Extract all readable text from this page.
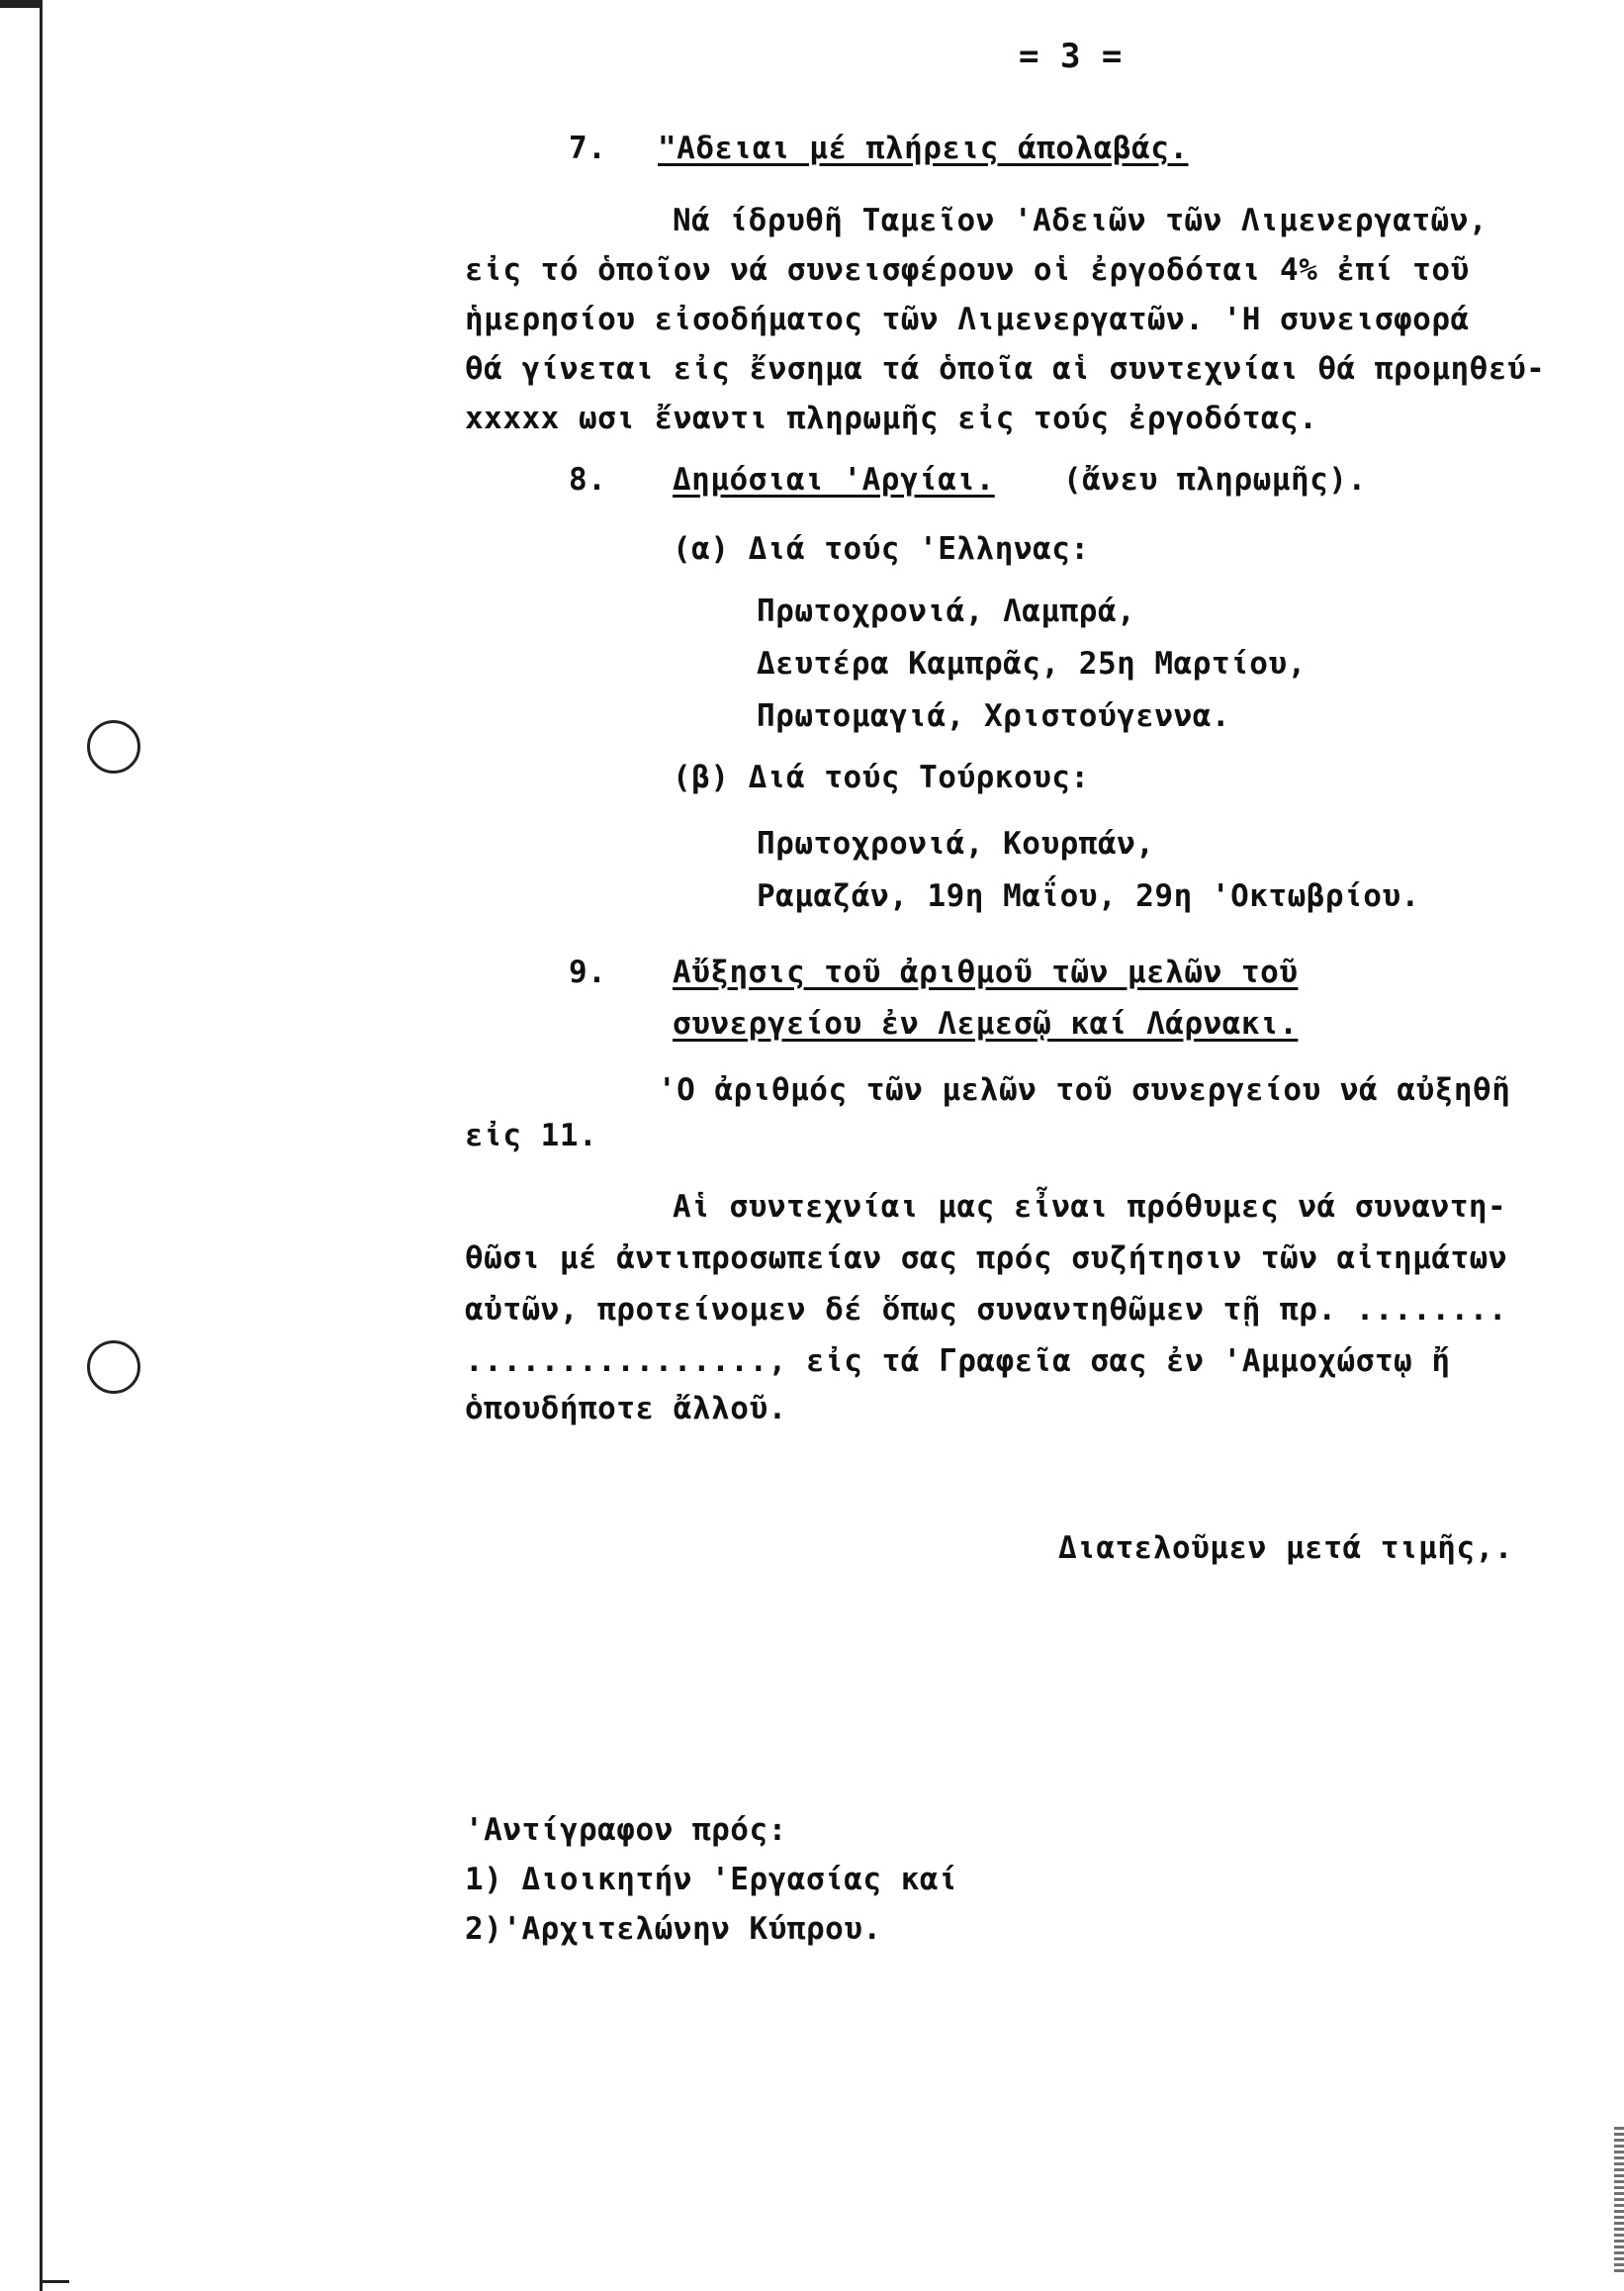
= 3 =
7. "Αδειαι μέ πλήρεις άπολαβάς.
Νά ίδρυθῆ Ταμεῖον 'Αδειῶν τῶν Λιμενεργατῶν,
εἰς τό ὁποῖον νά συνεισφέρουν οἱ ἐργοδόται 4% ἐπί τοῦ
ἡμερησίου εἰσοδήματος τῶν Λιμενεργατῶν. 'Η συνεισφορά
θά γίνεται εἰς ἔνσημα τά ὁποῖα αἱ συντεχνίαι θά προμηθεύ-
xxxxx ωσι ἔναντι πληρωμῆς εἰς τούς ἐργοδότας.
8. Δημόσιαι 'Αργίαι. (ἄνευ πληρωμῆς).
(α) Διά τούς 'Ελληνας:
Πρωτοχρονιά, Λαμπρά,
Δευτέρα Καμπρᾶς, 25η Μαρτίου,
Πρωτομαγιά, Χριστούγεννα.
(β) Διά τούς Τούρκους:
Πρωτοχρονιά, Κουρπάν,
Ραμαζάν, 19η Μαΐου, 29η 'Οκτωβρίου.
9. Αὔξησις τοῦ ἀριθμοῦ τῶν μελῶν τοῦ
συνεργείου ἐν Λεμεσῷ καί Λάρνακι.
'Ο ἀριθμός τῶν μελῶν τοῦ συνεργείου νά αὐξηθῆ
εἰς 11.
Αἱ συντεχνίαι μας εἶναι πρόθυμες νά συναντη-
θῶσι μέ ἀντιπροσωπείαν σας πρός συζήτησιν τῶν αἰτημάτων
αὐτῶν, προτείνομεν δέ ὅπως συναντηθῶμεν τῇ πρ. ........
................, εἰς τά Γραφεῖα σας ἐν 'Αμμοχώστῳ ἤ
ὁπουδήποτε ἄλλοῦ.
Διατελοῦμεν μετά τιμῆς,.
'Αντίγραφον πρός:
1) Διοικητήν 'Εργασίας καί
2)'Αρχιτελώνην Κύπρου.
